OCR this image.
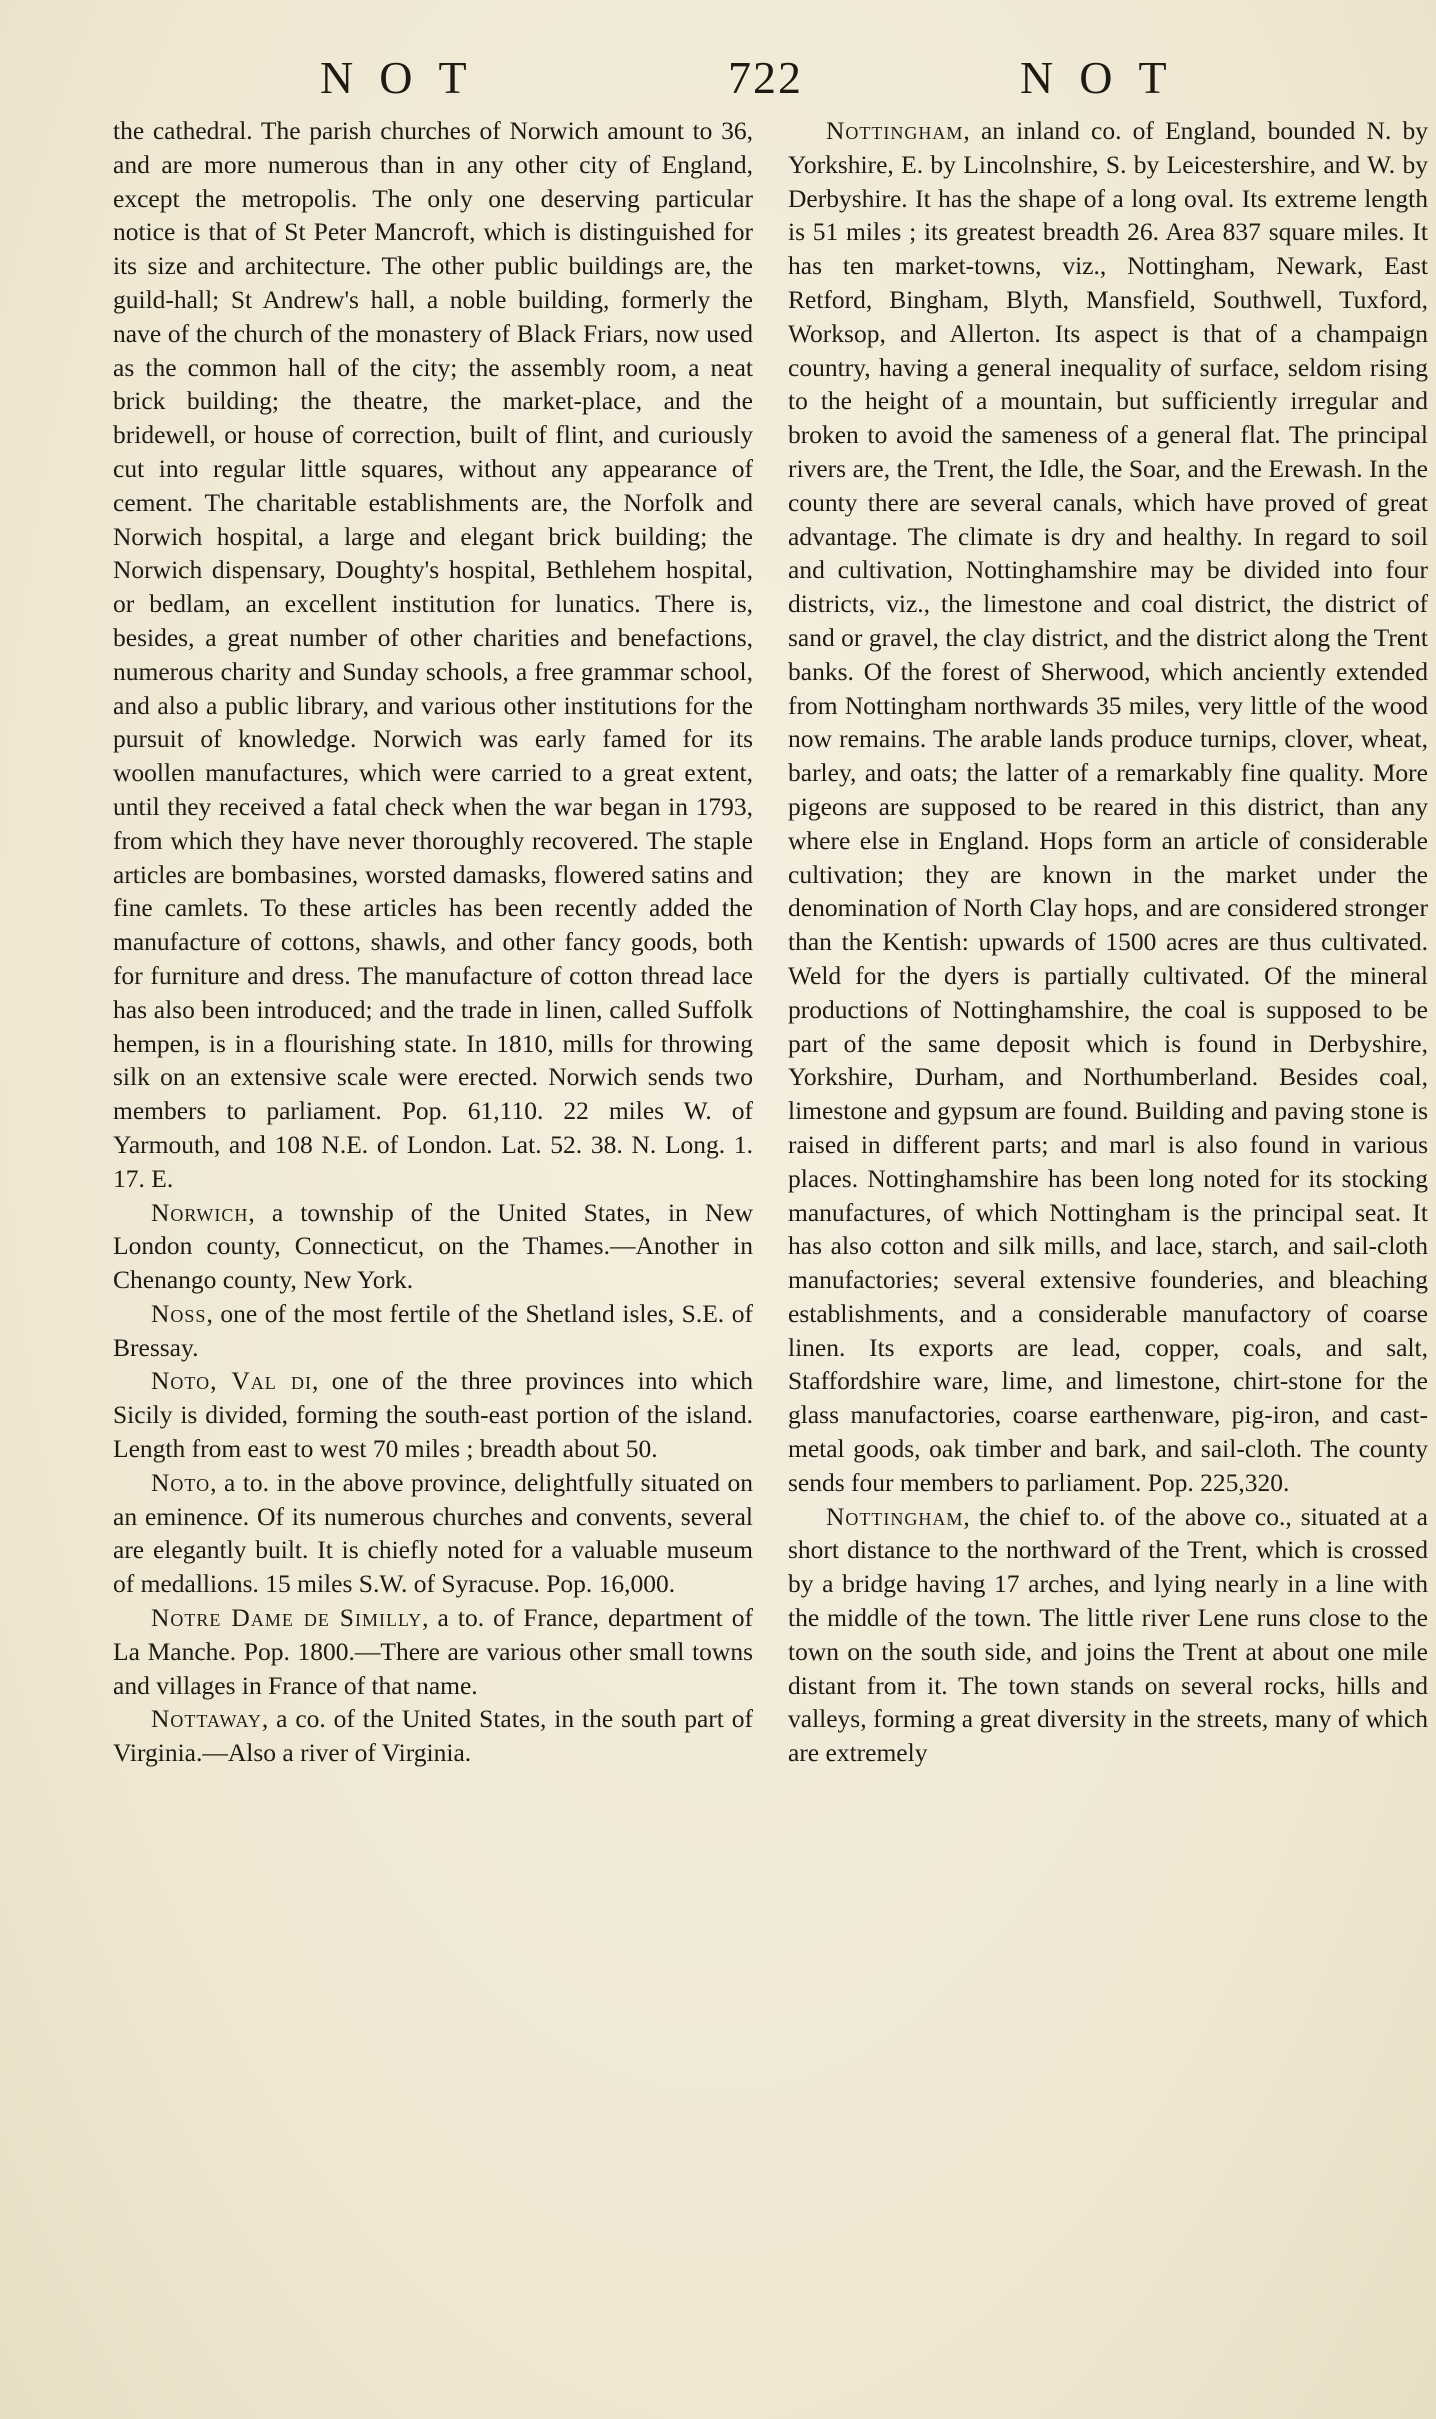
NOT	722	NOT

the cathedral. The parish churches of Norwich amount to 36, and are more numerous than in any other city of England, except the metropolis. The only one deserving particular notice is that of St Peter Mancroft, which is distinguished for its size and architecture. The other public buildings are, the guild-hall; St Andrew's hall, a noble building, formerly the nave of the church of the monastery of Black Friars, now used as the common hall of the city; the assembly room, a neat brick building; the theatre, the market-place, and the bridewell, or house of correction, built of flint, and curiously cut into regular little squares, without any appearance of cement. The charitable establishments are, the Norfolk and Norwich hospital, a large and elegant brick building; the Norwich dispensary, Doughty's hospital, Bethlehem hospital, or bedlam, an excellent institution for lunatics. There is, besides, a great number of other charities and benefactions, numerous charity and Sunday schools, a free grammar school, and also a public library, and various other institutions for the pursuit of knowledge. Norwich was early famed for its woollen manufactures, which were carried to a great extent, until they received a fatal check when the war began in 1793, from which they have never thoroughly recovered. The staple articles are bombasines, worsted damasks, flowered satins and fine camlets. To these articles has been recently added the manufacture of cottons, shawls, and other fancy goods, both for furniture and dress. The manufacture of cotton thread lace has also been introduced; and the trade in linen, called Suffolk hempen, is in a flourishing state. In 1810, mills for throwing silk on an extensive scale were erected. Norwich sends two members to parliament. Pop. 61,110. 22 miles W. of Yarmouth, and 108 N.E. of London. Lat. 52. 38. N. Long. 1. 17. E.

Norwich, a township of the United States, in New London county, Connecticut, on the Thames.—Another in Chenango county, New York.

Noss, one of the most fertile of the Shetland isles, S.E. of Bressay.

Noto, Val di, one of the three provinces into which Sicily is divided, forming the south-east portion of the island. Length from east to west 70 miles ; breadth about 50.

Noto, a to. in the above province, delightfully situated on an eminence. Of its numerous churches and convents, several are elegantly built. It is chiefly noted for a valuable museum of medallions. 15 miles S.W. of Syracuse. Pop. 16,000.

Notre Dame de Similly, a to. of France, department of La Manche. Pop. 1800.—There are various other small towns and villages in France of that name.

Nottaway, a co. of the United States, in the south part of Virginia.—Also a river of Virginia.

Nottingham, an inland co. of England, bounded N. by Yorkshire, E. by Lincolnshire, S. by Leicestershire, and W. by Derbyshire. It has the shape of a long oval. Its extreme length is 51 miles ; its greatest breadth 26. Area 837 square miles. It has ten market-towns, viz., Nottingham, Newark, East Retford, Bingham, Blyth, Mansfield, Southwell, Tuxford, Worksop, and Allerton. Its aspect is that of a champaign country, having a general inequality of surface, seldom rising to the height of a mountain, but sufficiently irregular and broken to avoid the sameness of a general flat. The principal rivers are, the Trent, the Idle, the Soar, and the Erewash. In the county there are several canals, which have proved of great advantage. The climate is dry and healthy. In regard to soil and cultivation, Nottinghamshire may be divided into four districts, viz., the limestone and coal district, the district of sand or gravel, the clay district, and the district along the Trent banks. Of the forest of Sherwood, which anciently extended from Nottingham northwards 35 miles, very little of the wood now remains. The arable lands produce turnips, clover, wheat, barley, and oats; the latter of a remarkably fine quality. More pigeons are supposed to be reared in this district, than any where else in England. Hops form an article of considerable cultivation; they are known in the market under the denomination of North Clay hops, and are considered stronger than the Kentish: upwards of 1500 acres are thus cultivated. Weld for the dyers is partially cultivated. Of the mineral productions of Nottinghamshire, the coal is supposed to be part of the same deposit which is found in Derbyshire, Yorkshire, Durham, and Northumberland. Besides coal, limestone and gypsum are found. Building and paving stone is raised in different parts; and marl is also found in various places. Nottinghamshire has been long noted for its stocking manufactures, of which Nottingham is the principal seat. It has also cotton and silk mills, and lace, starch, and sail-cloth manufactories; several extensive founderies, and bleaching establishments, and a considerable manufactory of coarse linen. Its exports are lead, copper, coals, and salt, Staffordshire ware, lime, and limestone, chirt-stone for the glass manufactories, coarse earthenware, pig-iron, and cast-metal goods, oak timber and bark, and sail-cloth. The county sends four members to parliament. Pop. 225,320.

Nottingham, the chief to. of the above co., situated at a short distance to the northward of the Trent, which is crossed by a bridge having 17 arches, and lying nearly in a line with the middle of the town. The little river Lene runs close to the town on the south side, and joins the Trent at about one mile distant from it. The town stands on several rocks, hills and valleys, forming a great diversity in the streets, many of which are extremely
